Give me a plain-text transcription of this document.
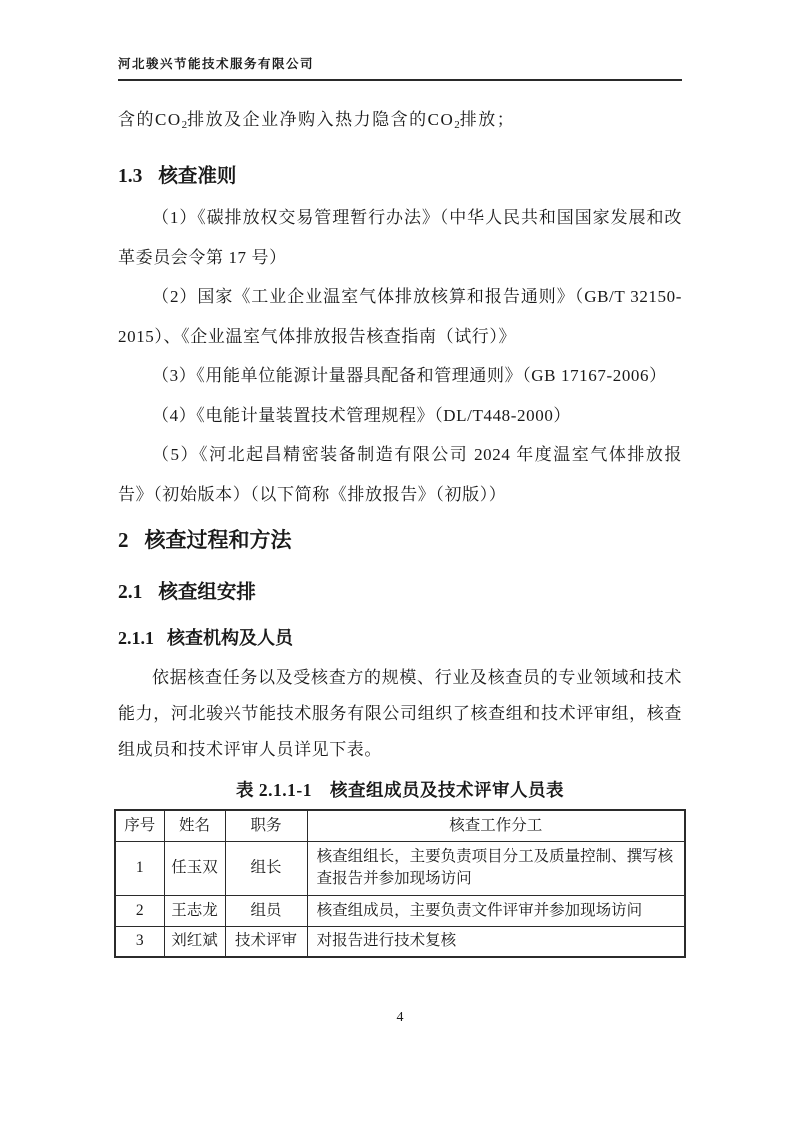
河北骏兴节能技术服务有限公司

含的$CO_2$排放及企业净购入热力隐含的$CO_2$排放；

1.3 核查准则

（1）《碳排放权交易管理暂行办法》（中华人民共和国国家发展和改革委员会令第 17 号）

（2）国家《工业企业温室气体排放核算和报告通则》（GB/T 32150-2015）、《企业温室气体排放报告核查指南（试行）》

（3）《用能单位能源计量器具配备和管理通则》（GB 17167-2006）

（4）《电能计量装置技术管理规程》（DL/T448-2000）

（5）《河北起昌精密装备制造有限公司 2024 年度温室气体排放报告》（初始版本）（以下简称《排放报告》（初版））

2 核查过程和方法
2.1 核查组安排
2.1.1 核查机构及人员

依据核查任务以及受核查方的规模、行业及核查员的专业领域和技术能力，河北骏兴节能技术服务有限公司组织了核查组和技术评审组，核查组成员和技术评审人员详见下表。

表 2.1.1-1　核查组成员及技术评审人员表
序号	姓名	职务	核查工作分工
1	任玉双	组长	核查组组长，主要负责项目分工及质量控制、撰写核查报告并参加现场访问
2	王志龙	组员	核查组成员，主要负责文件评审并参加现场访问
3	刘红斌	技术评审	对报告进行技术复核
4
